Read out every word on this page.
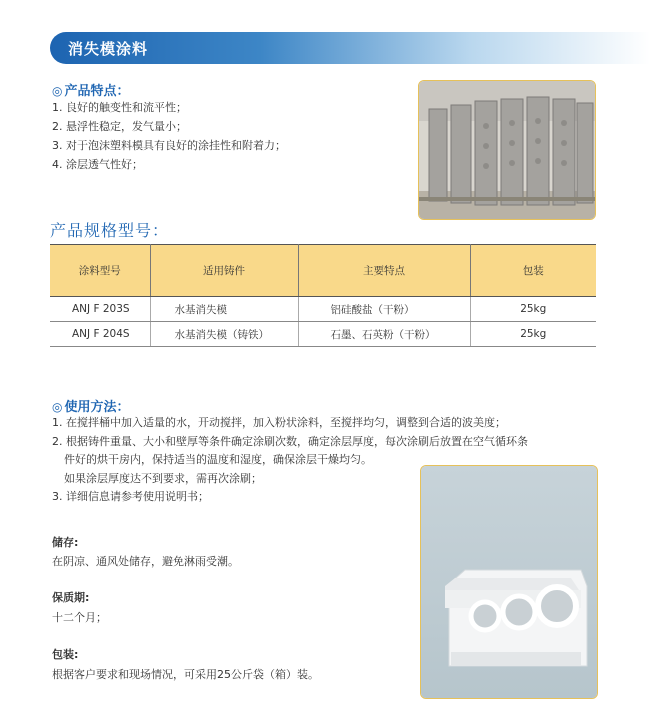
消失模涂料
◎ 产品特点：
1. 良好的触变性和流平性；
2. 悬浮性稳定，发气量小；
3. 对于泡沫塑料模具有良好的涂挂性和附着力；
4. 涂层透气性好；
产品规格型号：
涂料型号	适用铸件	主要特点	包装
ANJ F 203S	水基消失模	铝硅酸盐（干粉）	25kg
ANJ F 204S	水基消失模（铸铁）	石墨、石英粉（干粉）	25kg
◎ 使用方法：
1. 在搅拌桶中加入适量的水，开动搅拌，加入粉状涂料，至搅拌均匀，调整到合适的波美度；
2. 根据铸件重量、大小和壁厚等条件确定涂刷次数，确定涂层厚度，每次涂刷后放置在空气循环条
件好的烘干房内，保持适当的温度和湿度，确保涂层干燥均匀。
如果涂层厚度达不到要求，需再次涂刷；
3. 详细信息请参考使用说明书；
储存:
在阴凉、通风处储存，避免淋雨受潮。
保质期:
十二个月；
包装:
根据客户要求和现场情况，可采用25公斤袋（箱）装。
